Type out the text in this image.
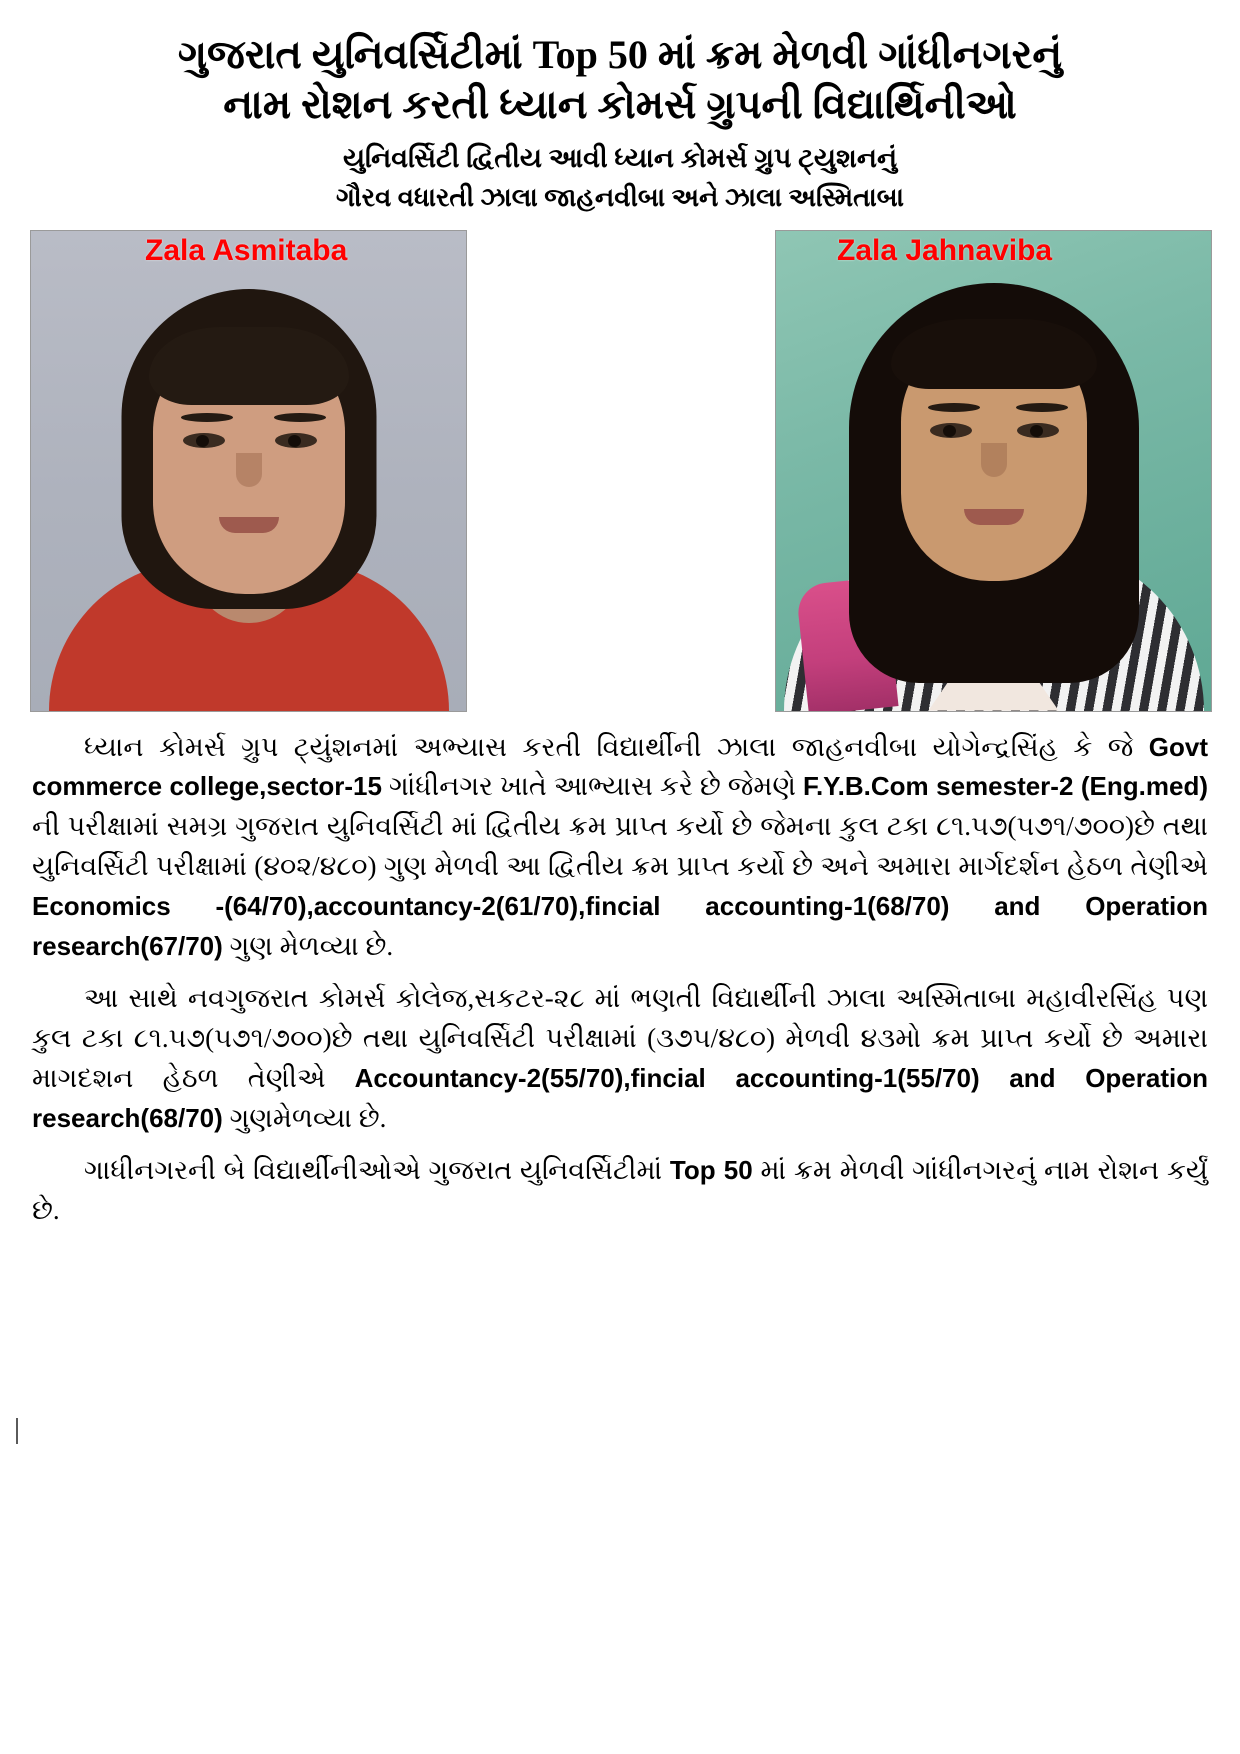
ગુજરાત યુનિવર્સિટીમાં Top 50 માં ક્રમ મેળવી ગાંધીનગરનું
નામ રોશન કરતી ધ્યાન કોમર્સ ગ્રુપની વિદ્યાર્થિનીઓ
યુનિવર્સિટી દ્વિતીય આવી ધ્યાન કોમર્સ ગ્રુપ ટ્યુશનનું
ગૌરવ વધારતી ઝાલા જાહનવીબા અને ઝાલા અસ્મિતાબા
Zala Asmitaba	Zala Jahnaviba

ધ્યાન કોમર્સ ગ્રુપ ટ્યુંશનમાં અભ્યાસ કરતી વિદ્યાર્થીની ઝાલા જાહનવીબા યોગેન્દ્રસિંહ કે જે Govt commerce college,sector-15 ગાંધીનગર ખાતે આભ્યાસ કરે છે જેમણે F.Y.B.Com semester-2 (Eng.med) ની પરીક્ષામાં સમગ્ર ગુજરાત યુનિવર્સિટી માં દ્વિતીય ક્રમ પ્રાપ્ત કર્યો છે જેમના કુલ ટકા ૮૧.૫૭(૫૭૧/૭૦૦)છે તથા યુનિવર્સિટી પરીક્ષામાં (૪૦૨/૪૮૦) ગુણ મેળવી આ દ્વિતીય ક્રમ પ્રાપ્ત કર્યો છે અને અમારા માર્ગદર્શન હેઠળ તેણીએ Economics -(64/70),accountancy-2(61/70),fincial accounting-1(68/70) and Operation research(67/70) ગુણ મેળવ્યા છે.

આ સાથે નવગુજરાત કોમર્સ કોલેજ,સકટર-૨૮ માં ભણતી વિદ્યાર્થીની ઝાલા અસ્મિતાબા મહાવીરસિંહ પણ કુલ ટકા ૮૧.૫૭(૫૭૧/૭૦૦)છે તથા યુનિવર્સિટી પરીક્ષામાં (૩૭૫/૪૮૦) મેળવી ૪૩મો ક્રમ પ્રાપ્ત કર્યો છે અમારા માગદશન હેઠળ તેણીએ Accountancy-2(55/70),fincial accounting-1(55/70) and Operation research(68/70) ગુણમેળવ્યા છે.

ગાધીનગરની બે વિદ્યાર્થીનીઓએ ગુજરાત યુનિવર્સિટીમાં Top 50 માં ક્રમ મેળવી ગાંધીનગરનું નામ રોશન કર્યું છે.
